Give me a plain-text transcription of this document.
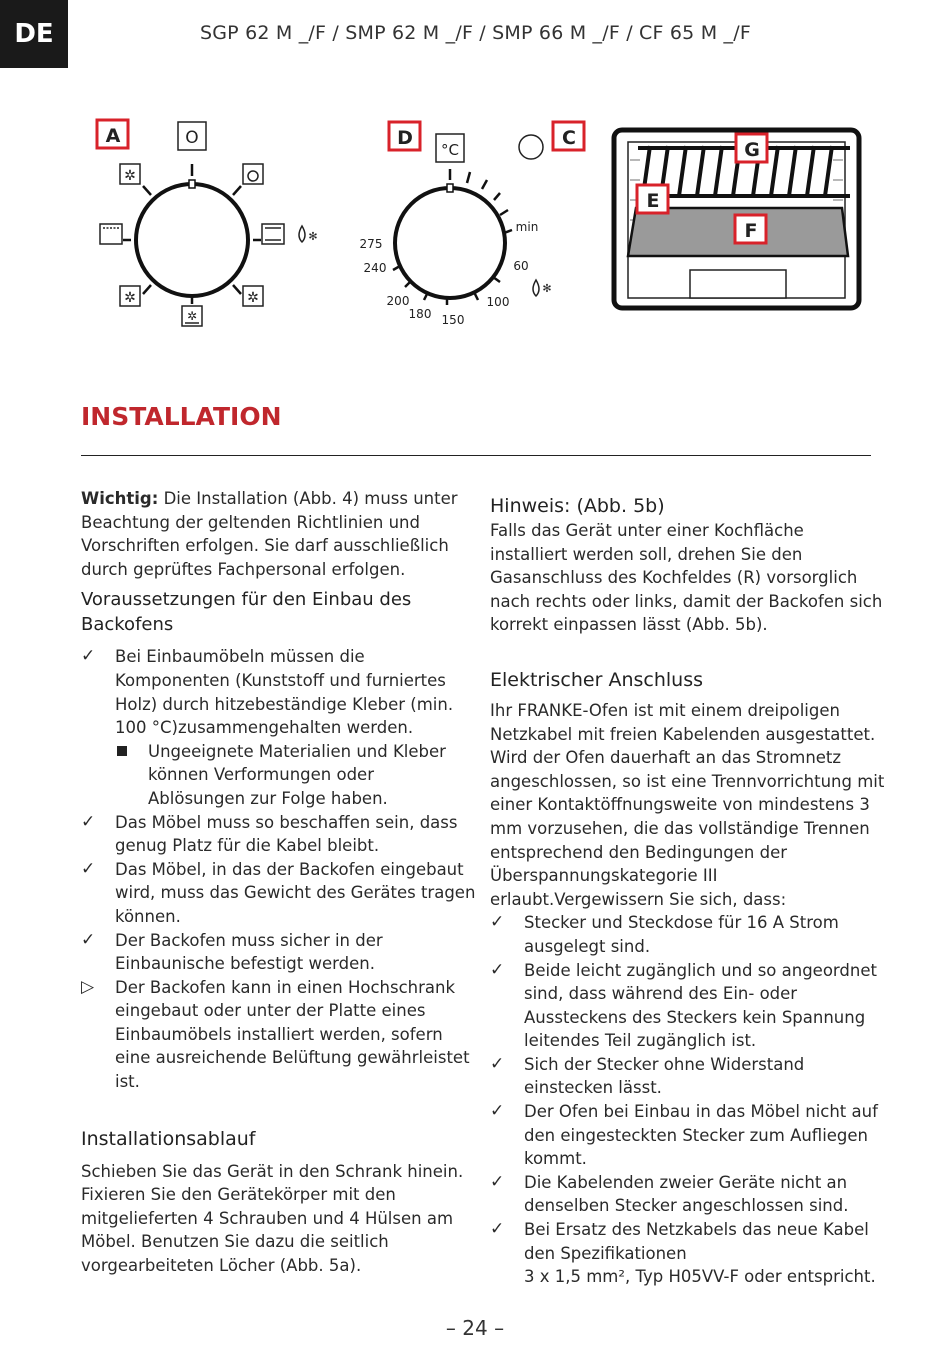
DE	SGP 62 M _/F / SMP 62 M _/F / SMP 66 M _/F / CF 65 M _/F
A	O
✲
✻
✲	✲
✲
D
°C
C
275
240
200
180 150
100
60
min
✻
G
E
F
INSTALLATION

Wichtig: Die Installation (Abb. 4) muss unter Beachtung der geltenden Richtlinien und Vorschriften erfolgen. Sie darf ausschließlich durch geprüftes Fachpersonal erfolgen.

Voraussetzungen für den Einbau des Backofens
✓ Bei Einbaumöbeln müssen die Komponenten (Kunststoff und furniertes Holz) durch hitzebeständige Kleber (min. 100 °C)zusammengehalten werden.
Ungeeignete Materialien und Kleber können Verformungen oder Ablösungen zur Folge haben.
✓ Das Möbel muss so beschaffen sein, dass genug Platz für die Kabel bleibt.
✓ Das Möbel, in das der Backofen eingebaut wird, muss das Gewicht des Gerätes tragen können.
✓ Der Backofen muss sicher in der Einbaunische befestigt werden.
▷ Der Backofen kann in einen Hochschrank eingebaut oder unter der Platte eines Einbaumöbels installiert werden, sofern eine ausreichende Belüftung gewährleistet ist.
Installationsablauf

Schieben Sie das Gerät in den Schrank hinein. Fixieren Sie den Gerätekörper mit den mitgelieferten 4 Schrauben und 4 Hülsen am Möbel. Benutzen Sie dazu die seitlich vorgearbeiteten Löcher (Abb. 5a).

Hinweis: (Abb. 5b)

Falls das Gerät unter einer Kochfläche installiert werden soll, drehen Sie den Gasanschluss des Kochfeldes (R) vorsorglich nach rechts oder links, damit der Backofen sich korrekt einpassen lässt (Abb. 5b).

Elektrischer Anschluss

Ihr FRANKE-Ofen ist mit einem dreipoligen Netzkabel mit freien Kabelenden ausgestattet. Wird der Ofen dauerhaft an das Stromnetz angeschlossen, so ist eine Trennvorrichtung mit einer Kontaktöffnungsweite von mindestens 3 mm vorzusehen, die das vollständige Trennen entsprechend den Bedingungen der Überspannungskategorie III erlaubt.Vergewissern Sie sich, dass:

✓ Stecker und Steckdose für 16 A Strom ausgelegt sind.
✓ Beide leicht zugänglich und so angeordnet sind, dass während des Ein- oder Aussteckens des Steckers kein Spannung leitendes Teil zugänglich ist.
✓ Sich der Stecker ohne Widerstand einstecken lässt.
✓ Der Ofen bei Einbau in das Möbel nicht auf den eingesteckten Stecker zum Aufliegen kommt.
✓ Die Kabelenden zweier Geräte nicht an denselben Stecker angeschlossen sind.
✓ Bei Ersatz des Netzkabels das neue Kabel den Spezifikationen
3 x 1,5 mm², Typ H05VV-F oder entspricht.
– 24 –
